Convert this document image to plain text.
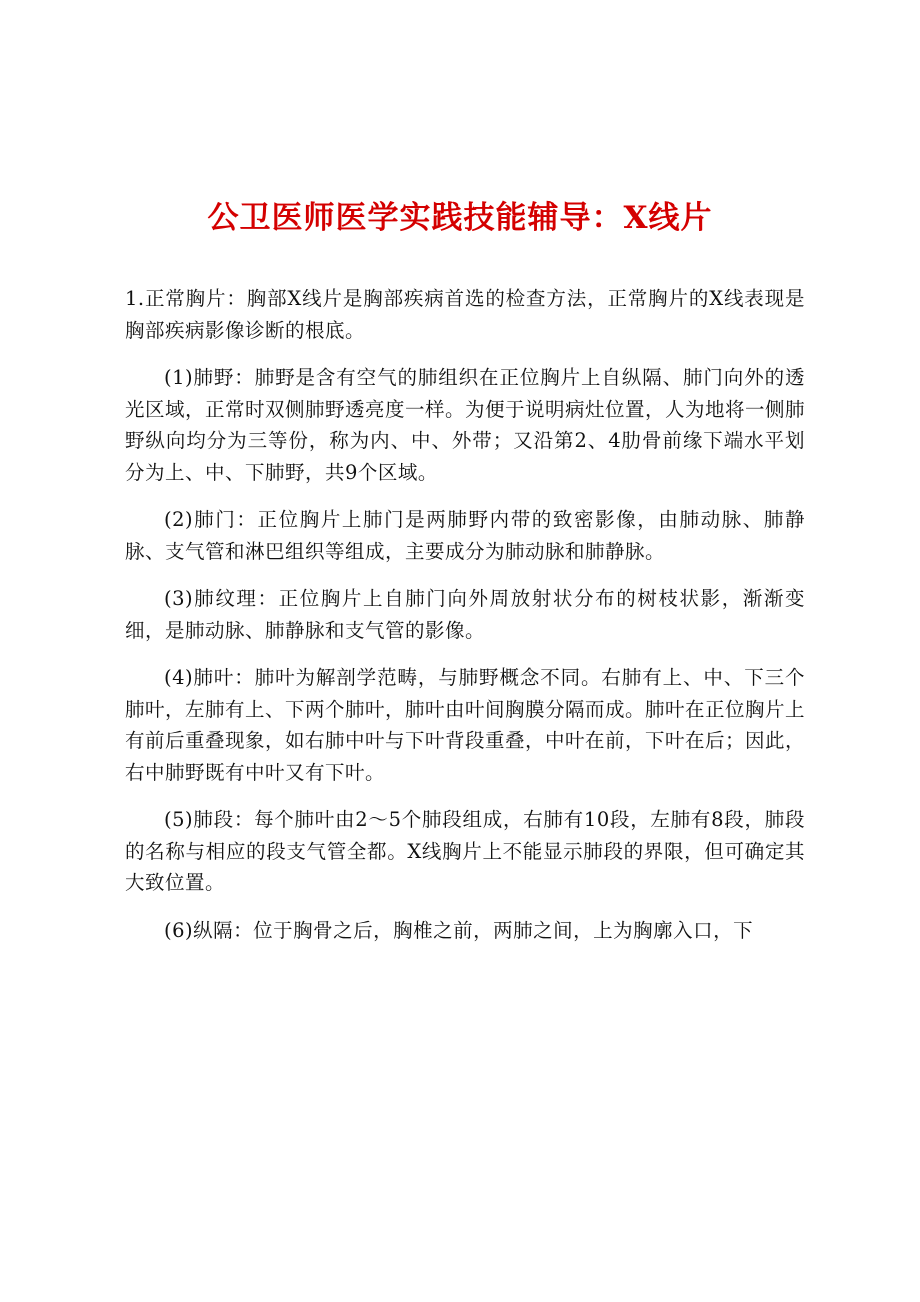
公卫医师医学实践技能辅导：X线片

1.正常胸片：胸部X线片是胸部疾病首选的检查方法，正常胸片的X线表现是胸部疾病影像诊断的根底。

(1)肺野：肺野是含有空气的肺组织在正位胸片上自纵隔、肺门向外的透光区域，正常时双侧肺野透亮度一样。为便于说明病灶位置，人为地将一侧肺野纵向均分为三等份，称为内、中、外带；又沿第2、4肋骨前缘下端水平划分为上、中、下肺野，共9个区域。

(2)肺门：正位胸片上肺门是两肺野内带的致密影像，由肺动脉、肺静脉、支气管和淋巴组织等组成，主要成分为肺动脉和肺静脉。

(3)肺纹理：正位胸片上自肺门向外周放射状分布的树枝状影，渐渐变细，是肺动脉、肺静脉和支气管的影像。

(4)肺叶：肺叶为解剖学范畴，与肺野概念不同。右肺有上、中、下三个肺叶，左肺有上、下两个肺叶，肺叶由叶间胸膜分隔而成。肺叶在正位胸片上有前后重叠现象，如右肺中叶与下叶背段重叠，中叶在前，下叶在后；因此，右中肺野既有中叶又有下叶。

(5)肺段：每个肺叶由2～5个肺段组成，右肺有10段，左肺有8段，肺段的名称与相应的段支气管全都。X线胸片上不能显示肺段的界限，但可确定其大致位置。

(6)纵隔：位于胸骨之后，胸椎之前，两肺之间，上为胸廓入口，下
